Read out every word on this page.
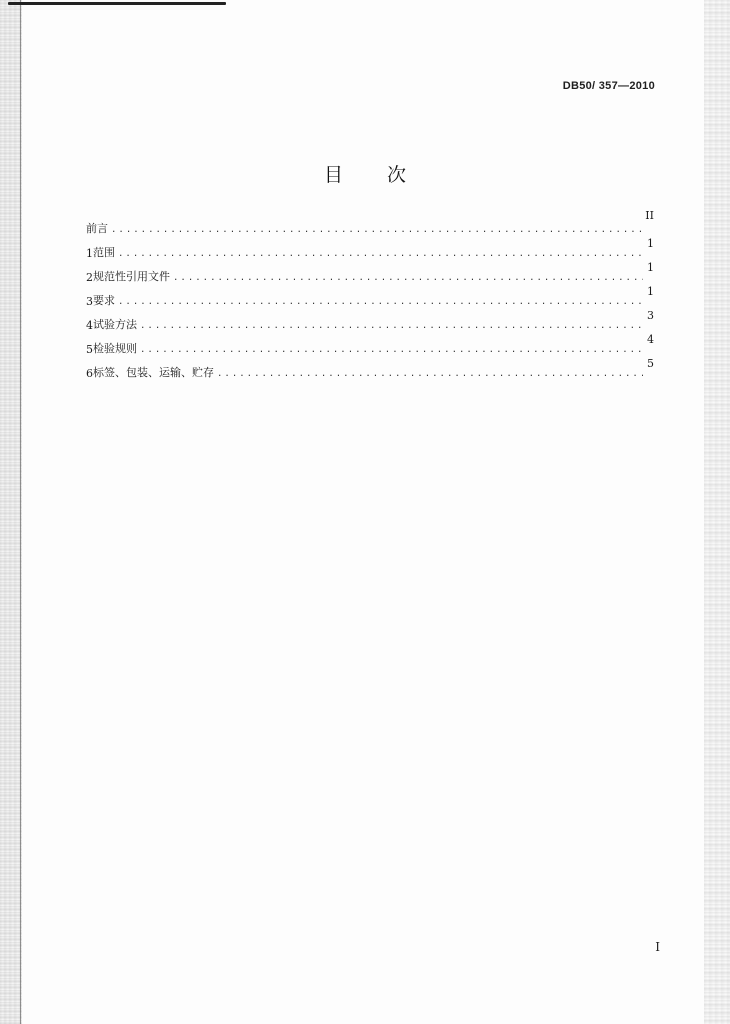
DB50/ 357—2010
目 次
前言
.....
II
1 范围
.....
1
2 规范性引用文件
.....
1
3 要求
.....
1
4 试验方法
.....
3
5 检验规则
.....
4
6 标签、包装、运输、贮存
.....
5
I
